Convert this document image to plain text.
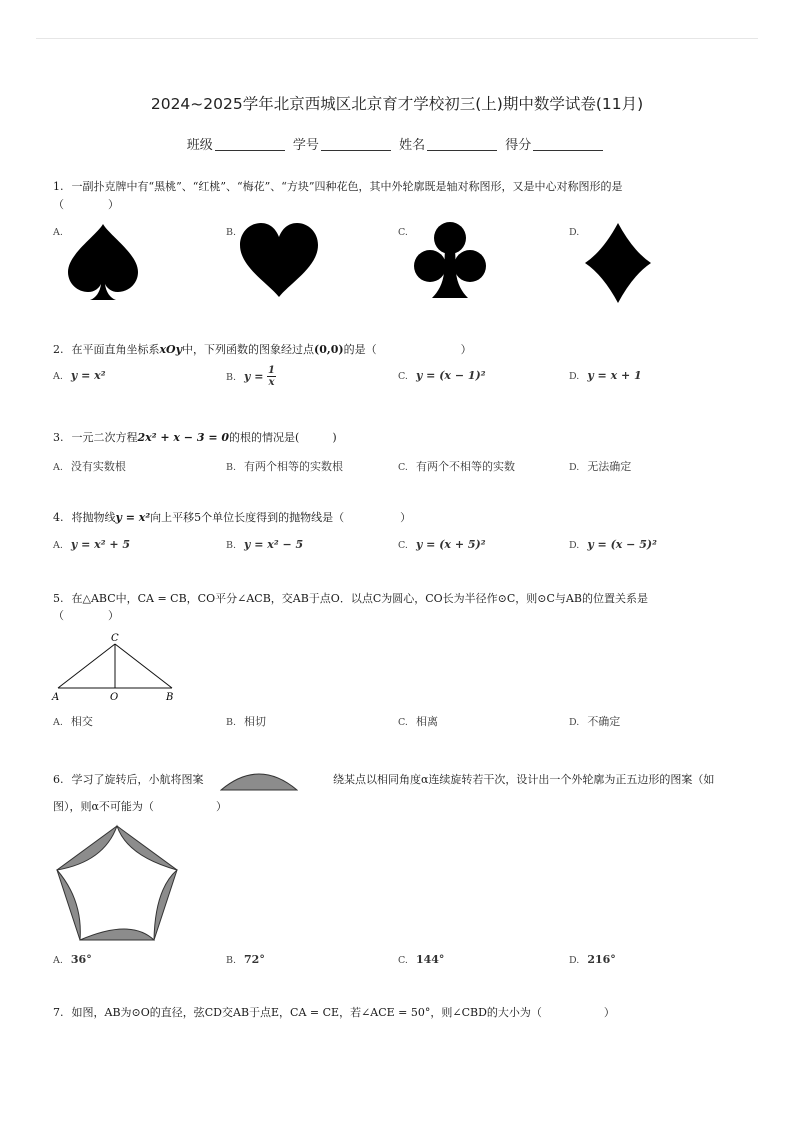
2024~2025学年北京西城区北京育才学校初三(上)期中数学试卷(11月)
班级	学号	姓名	得分
1. 一副扑克牌中有“黑桃”、“红桃”、“梅花”、“方块”四种花色，其中外轮廓既是轴对称图形，又是中心对称图形的是
（　　　　）
A.	B.	C.	D.
2. 在平面直角坐标系xOy中，下列函数的图象经过点(0,0)的是（	）
A. y = x²	B. $y = \frac{1}{x}$	C. y = (x − 1)²	D. y = x + 1
3. 一元二次方程2x² + x − 3 = 0的根的情况是(　　　)
A. 没有实数根	B. 有两个相等的实数根	C. 有两个不相等的实数	D. 无法确定
4. 将抛物线y = x²向上平移5个单位长度得到的抛物线是（	）
A. y = x² + 5	B. y = x² − 5	C. y = (x + 5)²	D. y = (x − 5)²
5. 在△ABC中，CA = CB，CO平分∠ACB，交AB于点O．以点C为圆心，CO长为半径作⊙C，则⊙C与AB的位置关系是
（　　　　）
C
A	O	B
A. 相交	B. 相切	C. 相离	D. 不确定
6. 学习了旋转后，小航将图案	绕某点以相同角度α连续旋转若干次，设计出一个外轮廓为正五边形的图案（如
图），则α不可能为（	）
A. 36°	B. 72°	C. 144°	D. 216°
7. 如图，AB为⊙O的直径，弦CD交AB于点E，CA = CE，若∠ACE = 50°，则∠CBD的大小为（	）
